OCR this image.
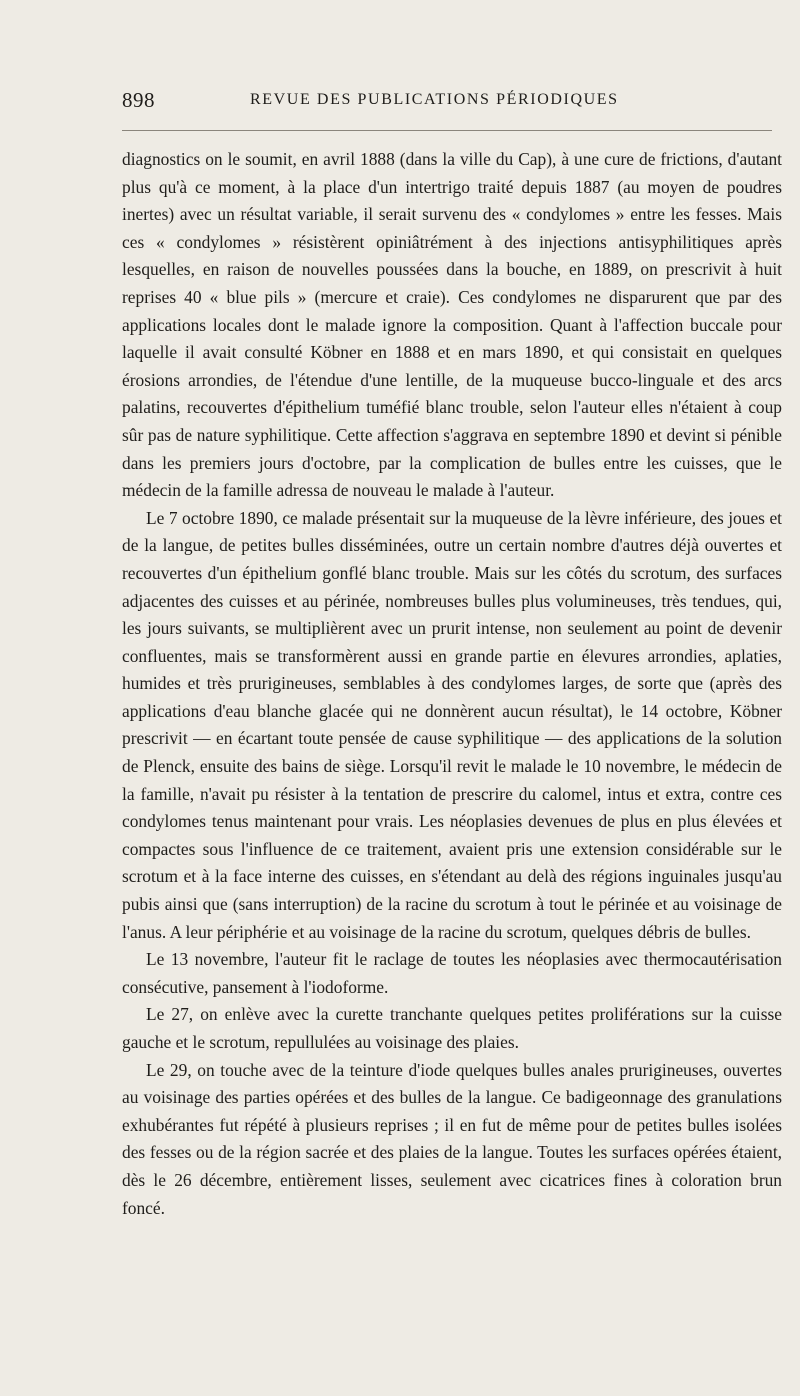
898	REVUE DES PUBLICATIONS PÉRIODIQUES

diagnostics on le soumit, en avril 1888 (dans la ville du Cap), à une cure de frictions, d'autant plus qu'à ce moment, à la place d'un intertrigo traité depuis 1887 (au moyen de poudres inertes) avec un résultat variable, il serait survenu des « condylomes » entre les fesses. Mais ces « condylomes » résistèrent opiniâtrément à des injections antisyphilitiques après lesquelles, en raison de nouvelles poussées dans la bouche, en 1889, on prescrivit à huit reprises 40 « blue pils » (mercure et craie). Ces condylomes ne disparurent que par des applications locales dont le malade ignore la composition. Quant à l'affection buccale pour laquelle il avait consulté Köbner en 1888 et en mars 1890, et qui consistait en quelques érosions arrondies, de l'étendue d'une lentille, de la muqueuse bucco-linguale et des arcs palatins, recouvertes d'épithelium tuméfié blanc trouble, selon l'auteur elles n'étaient à coup sûr pas de nature syphilitique. Cette affection s'aggrava en septembre 1890 et devint si pénible dans les premiers jours d'octobre, par la complication de bulles entre les cuisses, que le médecin de la famille adressa de nouveau le malade à l'auteur.

Le 7 octobre 1890, ce malade présentait sur la muqueuse de la lèvre inférieure, des joues et de la langue, de petites bulles disséminées, outre un certain nombre d'autres déjà ouvertes et recouvertes d'un épithelium gonflé blanc trouble. Mais sur les côtés du scrotum, des surfaces adjacentes des cuisses et au périnée, nombreuses bulles plus volumineuses, très tendues, qui, les jours suivants, se multiplièrent avec un prurit intense, non seulement au point de devenir confluentes, mais se transformèrent aussi en grande partie en élevures arrondies, aplaties, humides et très prurigineuses, semblables à des condylomes larges, de sorte que (après des applications d'eau blanche glacée qui ne donnèrent aucun résultat), le 14 octobre, Köbner prescrivit — en écartant toute pensée de cause syphilitique — des applications de la solution de Plenck, ensuite des bains de siège. Lorsqu'il revit le malade le 10 novembre, le médecin de la famille, n'avait pu résister à la tentation de prescrire du calomel, intus et extra, contre ces condylomes tenus maintenant pour vrais. Les néoplasies devenues de plus en plus élevées et compactes sous l'influence de ce traitement, avaient pris une extension considérable sur le scrotum et à la face interne des cuisses, en s'étendant au delà des régions inguinales jusqu'au pubis ainsi que (sans interruption) de la racine du scrotum à tout le périnée et au voisinage de l'anus. A leur périphérie et au voisinage de la racine du scrotum, quelques débris de bulles.

Le 13 novembre, l'auteur fit le raclage de toutes les néoplasies avec thermocautérisation consécutive, pansement à l'iodoforme.

Le 27, on enlève avec la curette tranchante quelques petites proliférations sur la cuisse gauche et le scrotum, repullulées au voisinage des plaies.

Le 29, on touche avec de la teinture d'iode quelques bulles anales prurigineuses, ouvertes au voisinage des parties opérées et des bulles de la langue. Ce badigeonnage des granulations exhubérantes fut répété à plusieurs reprises ; il en fut de même pour de petites bulles isolées des fesses ou de la région sacrée et des plaies de la langue. Toutes les surfaces opérées étaient, dès le 26 décembre, entièrement lisses, seulement avec cicatrices fines à coloration brun foncé.
